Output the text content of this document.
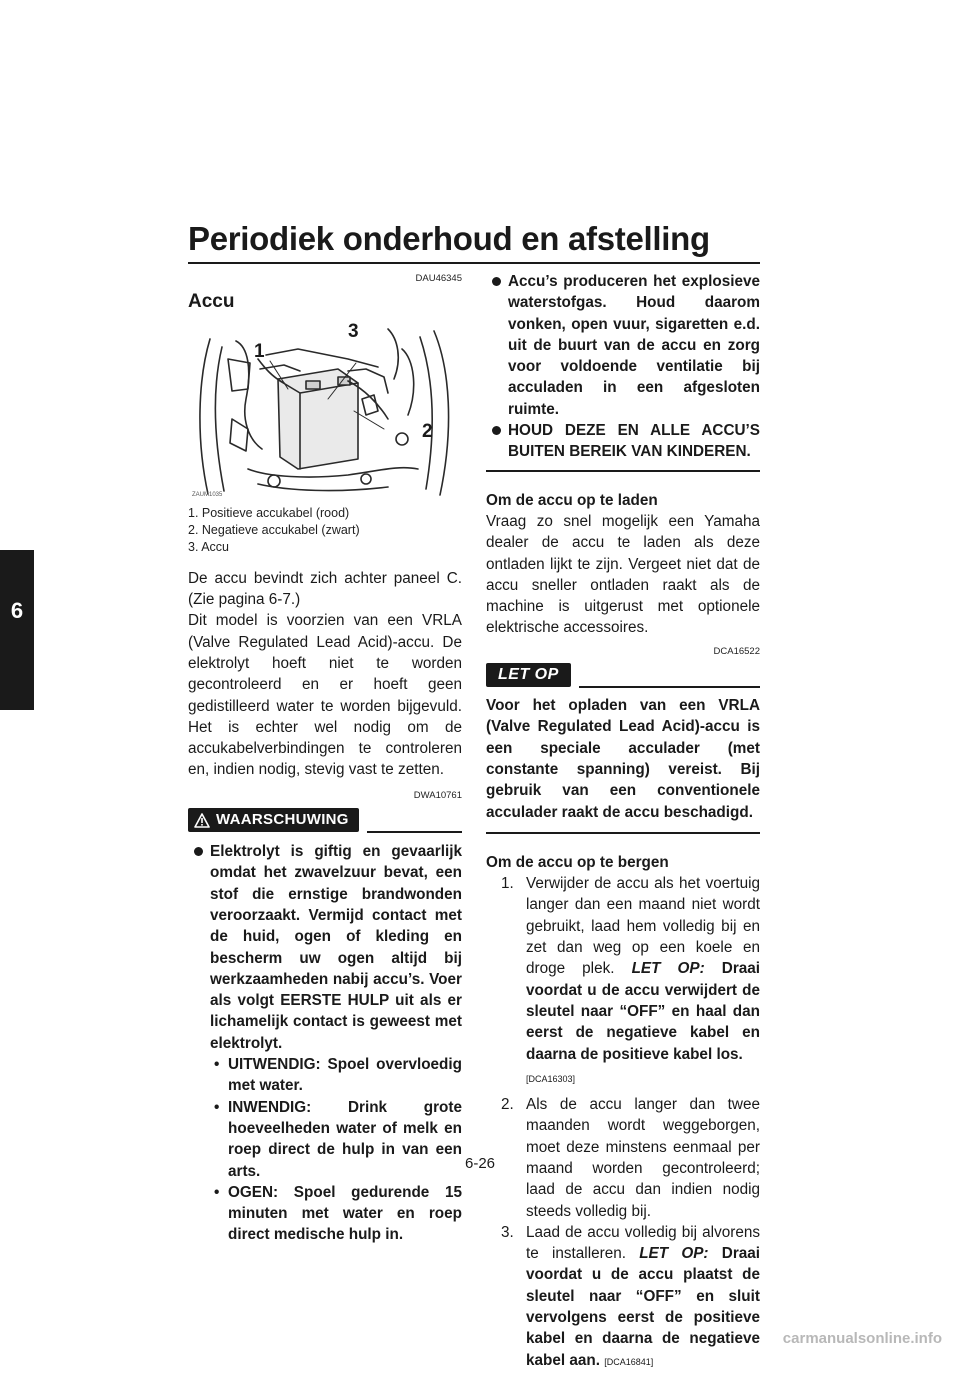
Periodiek onderhoud en afstelling
6
DAU46345
Accu
1
3
2
ZAUM1035
1. Positieve accukabel (rood)
2. Negatieve accukabel (zwart)
3. Accu

De accu bevindt zich achter paneel C. (Zie pagina 6-7.)

Dit model is voorzien van een VRLA (Valve Regulated Lead Acid)-accu. De elektrolyt hoeft niet te worden gecontroleerd en er hoeft geen gedistilleerd water te worden bijgevuld. Het is echter wel nodig om de accukabelverbindingen te controleren en, indien nodig, stevig vast te zetten.

DWA10761
WAARSCHUWING
Elektrolyt is giftig en gevaarlijk omdat het zwavelzuur bevat, een stof die ernstige brandwonden veroorzaakt. Vermijd contact met de huid, ogen of kleding en bescherm uw ogen altijd bij werkzaamheden nabij accu’s. Voer als volgt EERSTE HULP uit als er lichamelijk contact is geweest met elektrolyt.
• UITWENDIG: Spoel overvloedig met water.
• INWENDIG: Drink grote hoeveelheden water of melk en roep direct de hulp in van een arts.
• OGEN: Spoel gedurende 15 minuten met water en roep direct medische hulp in.
Accu’s produceren het explosieve waterstofgas. Houd daarom vonken, open vuur, sigaretten e.d. uit de buurt van de accu en zorg voor voldoende ventilatie bij acculaden in een afgesloten ruimte.
HOUD DEZE EN ALLE ACCU’S BUITEN BEREIK VAN KINDEREN.
Om de accu op te laden

Vraag zo snel mogelijk een Yamaha dealer de accu te laden als deze ontladen lijkt te zijn. Vergeet niet dat de accu sneller ontladen raakt als de machine is uitgerust met optionele elektrische accessoires.

DCA16522
LET OP

Voor het opladen van een VRLA (Valve Regulated Lead Acid)-accu is een speciale acculader (met constante spanning) vereist. Bij gebruik van een conventionele acculader raakt de accu beschadigd.

Om de accu op te bergen
1. Verwijder de accu als het voertuig langer dan een maand niet wordt gebruikt, laad hem volledig bij en zet dan weg op een koele en droge plek. LET OP: Draai voordat u de accu verwijdert de sleutel naar “OFF” en haal dan eerst de negatieve kabel en daarna de positieve kabel los.
[DCA16303]
2. Als de accu langer dan twee maanden wordt weggeborgen, moet deze minstens eenmaal per maand worden gecontroleerd; laad de accu dan indien nodig steeds volledig bij.
3. Laad de accu volledig bij alvorens te installeren. LET OP: Draai voordat u de accu plaatst de sleutel naar “OFF” en sluit vervolgens eerst de positieve kabel en daarna de negatieve kabel aan. [DCA16841]
6-26
carmanualsonline.info
